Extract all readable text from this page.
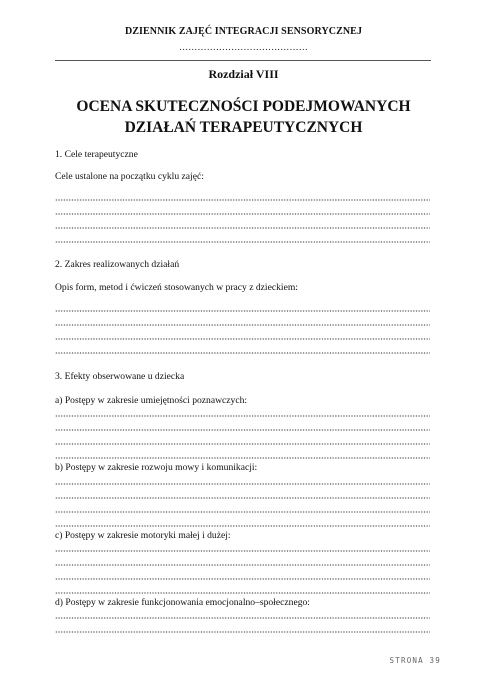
DZIENNIK ZAJĘĆ INTEGRACJI SENSORYCZNEJ
……………………………………
Rozdział VIII
OCENA SKUTECZNOŚCI PODEJMOWANYCH
DZIAŁAŃ TERAPEUTYCZNYCH
1. Cele terapeutyczne
Cele ustalone na początku cyklu zajęć:
2. Zakres realizowanych działań
Opis form, metod i ćwiczeń stosowanych w pracy z dzieckiem:
3. Efekty obserwowane u dziecka
a) Postępy w zakresie umiejętności poznawczych:
b) Postępy w zakresie rozwoju mowy i komunikacji:
c) Postępy w zakresie motoryki małej i dużej:
d) Postępy w zakresie funkcjonowania emocjonalno–społecznego:
STRONA 39
